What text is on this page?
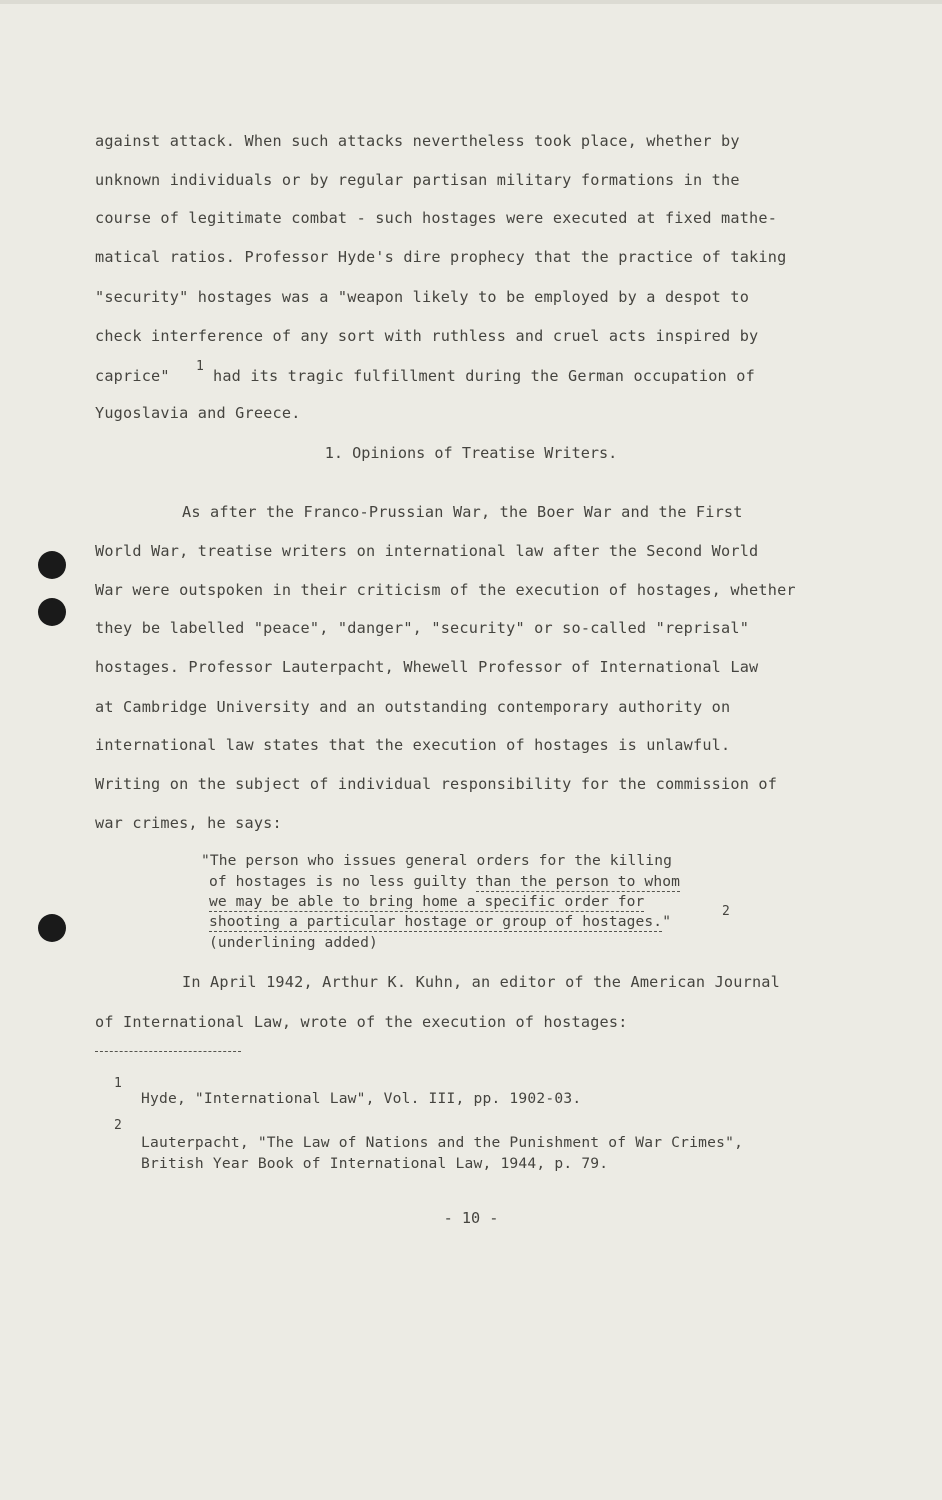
against attack. When such attacks nevertheless took place, whether by
unknown individuals or by regular partisan military formations in the
course of legitimate combat - such hostages were executed at fixed mathe-
matical ratios. Professor Hyde's dire prophecy that the practice of taking
"security" hostages was a "weapon likely to be employed by a despot to
check interference of any sort with ruthless and cruel acts inspired by
caprice"
1
had its tragic fulfillment during the German occupation of
Yugoslavia and Greece.
1. Opinions of Treatise Writers.
As after the Franco-Prussian War, the Boer War and the First
World War, treatise writers on international law after the Second World
War were outspoken in their criticism of the execution of hostages, whether
they be labelled "peace", "danger", "security" or so-called "reprisal"
hostages. Professor Lauterpacht, Whewell Professor of International Law
at Cambridge University and an outstanding contemporary authority on
international law states that the execution of hostages is unlawful.
Writing on the subject of individual responsibility for the commission of
war crimes, he says:
"The person who issues general orders for the killing
of hostages is no less guilty than the person to whom
we may be able to bring home a specific order for
shooting a particular hostage or group of hostages."
2
(underlining added)
In April 1942, Arthur K. Kuhn, an editor of the American Journal
of International Law, wrote of the execution of hostages:
1
Hyde, "International Law", Vol. III, pp. 1902-03.
2
Lauterpacht, "The Law of Nations and the Punishment of War Crimes",
British Year Book of International Law, 1944, p. 79.
- 10 -
